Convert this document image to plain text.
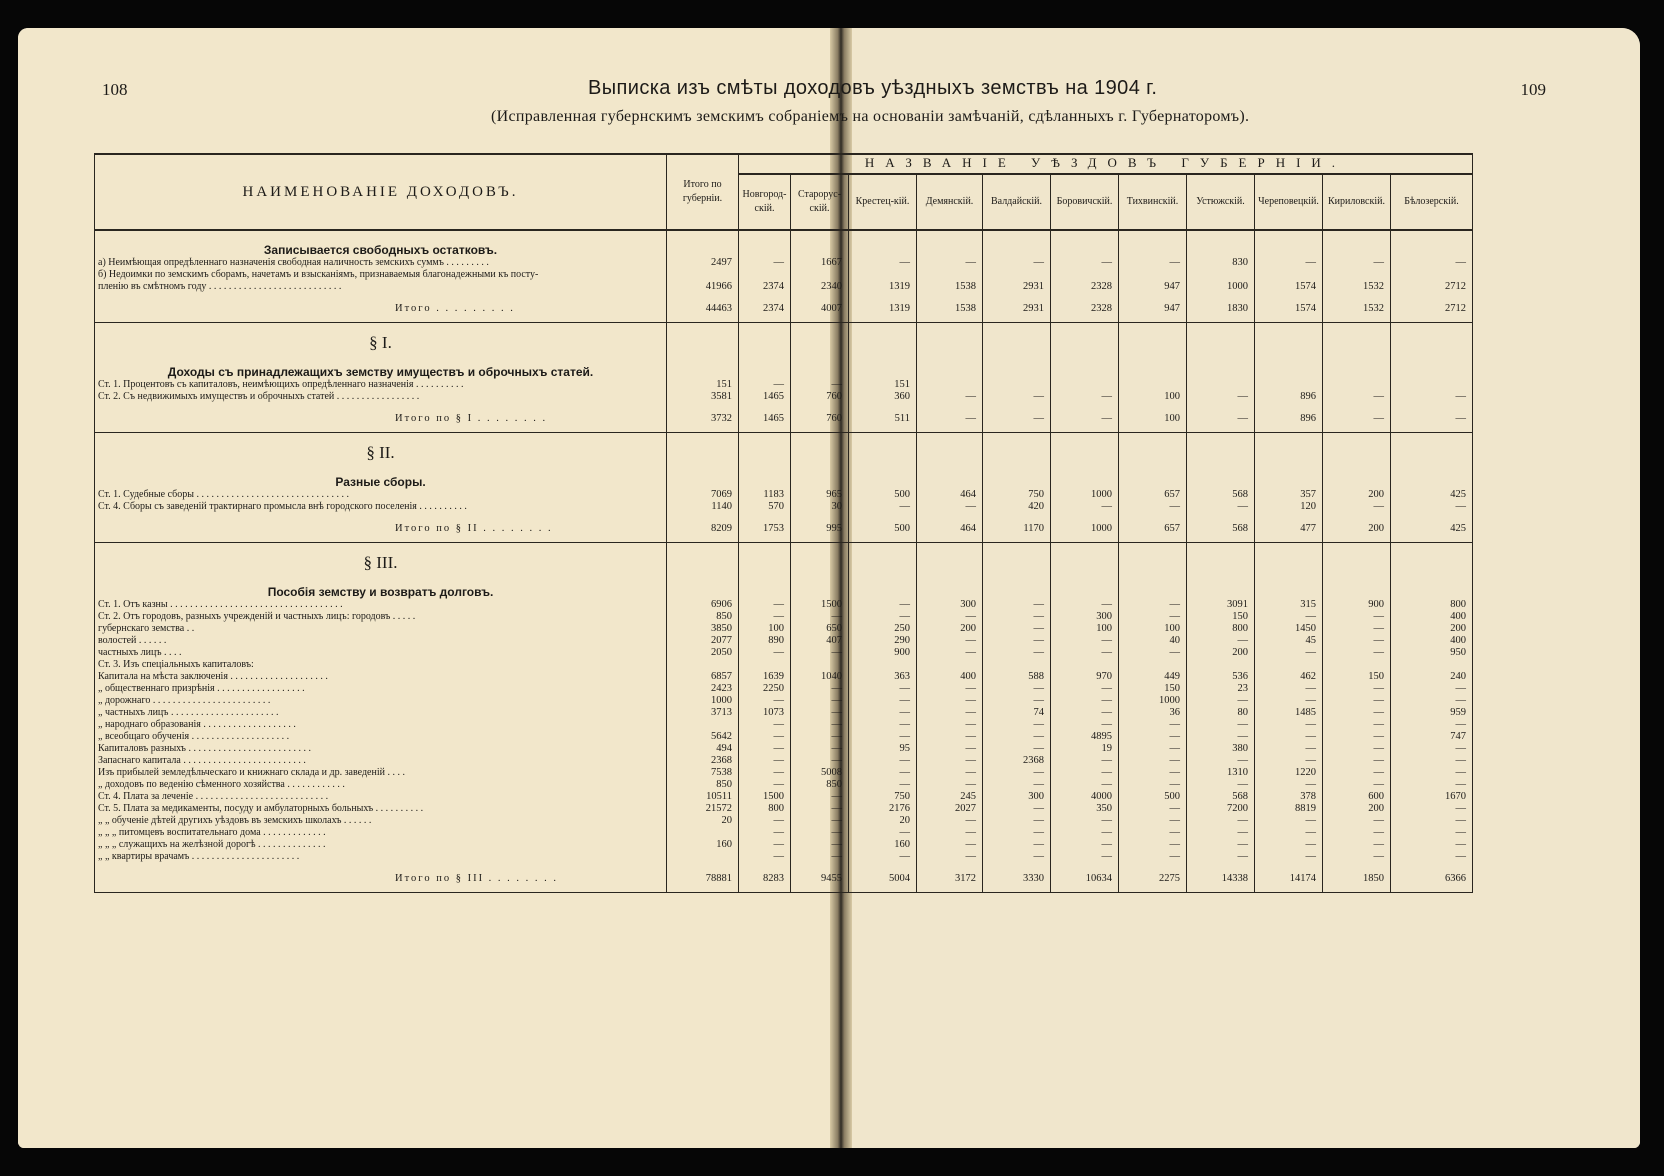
108	109
Выписка изъ смѣты доходовъ уѣздныхъ земствъ на 1904 г.
(Исправленная губернскимъ земскимъ собраніемъ на основаніи замѣчаній, сдѣланныхъ г. Губернаторомъ).
НАИМЕНОВАНІЕ ДОХОДОВЪ.	Итого по губерніи.	НАЗВАНІЕ УѢЗДОВЪ ГУБЕРНІИ.										
		Новгород-скій.	Старорус-скій.	Крестец-кій.	Демянскій.	Валдайскій.	Боровичскій.	Тихвинскій.	Устюжскій.	Череповецкій.	Кириловскій.	Бѣлозерскій.
Записывается свободныхъ остатковъ.												
а) Неимѣющая опредѣленнаго назначенія свободная наличность земскихъ суммъ . . . . . . . . .	2497	—	1667	—	—	—	—	—	830	—	—	—
б) Недоимки по земскимъ сборамъ, начетамъ и взысканіямъ, признаваемыя благонадежными къ посту-												
пленію въ смѣтномъ году . . . . . . . . . . . . . . . . . . . . . . . . . . .	41966	2374	2340	1319	1538	2931	2328	947	1000	1574	1532	2712
Итого . . . . . . . . .	44463	2374	4007	1319	1538	2931	2328	947	1830	1574	1532	2712
§ I.												
Доходы съ принадлежащихъ земству имуществъ и оброчныхъ статей.												
Ст. 1. Процентовъ съ капиталовъ, неимѣющихъ опредѣленнаго назначенія . . . . . . . . . .	151	—	—	151								
Ст. 2. Съ недвижимыхъ имуществъ и оброчныхъ статей . . . . . . . . . . . . . . . . .	3581	1465	760	360	—	—	—	100	—	896	—	—
Итого по § I . . . . . . . .	3732	1465	760	511	—	—	—	100	—	896	—	—
§ II.												
Разные сборы.												
Ст. 1. Судебные сборы . . . . . . . . . . . . . . . . . . . . . . . . . . . . . . .	7069	1183	965	500	464	750	1000	657	568	357	200	425
Ст. 4. Сборы съ заведеній трактирнаго промысла внѣ городского поселенія . . . . . . . . . .	1140	570	30	—	—	420	—	—	—	120	—	—
Итого по § II . . . . . . . .	8209	1753	995	500	464	1170	1000	657	568	477	200	425
§ III.												
Пособія земству и возвратъ долговъ.												
Ст. 1. Отъ казны . . . . . . . . . . . . . . . . . . . . . . . . . . . . . . . . . . .	6906	—	1500	—	300	—	—	—	3091	315	900	800
Ст. 2. Отъ городовъ, разныхъ учрежденій и частныхъ лицъ: городовъ . . . . .	850	—	—	—	—	—	300	—	150	—	—	400
губернскаго земства . .	3850	100	650	250	200	—	100	100	800	1450	—	200
волостей . . . . . .	2077	890	407	290	—	—	—	40	—	45	—	400
частныхъ лицъ . . . .	2050	—	—	900	—	—	—	—	200	—	—	950
Ст. 3. Изъ спеціальныхъ капиталовъ:												
Капитала на мѣста заключенія . . . . . . . . . . . . . . . . . . . .	6857	1639	1040	363	400	588	970	449	536	462	150	240
„ общественнаго призрѣнія . . . . . . . . . . . . . . . . . .	2423	2250	—	—	—	—	—	150	23	—	—	—
„ дорожнаго . . . . . . . . . . . . . . . . . . . . . . . .	1000	—	—	—	—	—	—	1000	—	—	—	—
„ частныхъ лицъ . . . . . . . . . . . . . . . . . . . . . .	3713	1073	—	—	—	74	—	36	80	1485	—	959
„ народнаго образованія . . . . . . . . . . . . . . . . . . .		—	—	—	—	—	—	—	—	—	—	—
„ всеобщаго обученія . . . . . . . . . . . . . . . . . . . .	5642	—	—	—	—	—	4895	—	—	—	—	747
Капиталовъ разныхъ . . . . . . . . . . . . . . . . . . . . . . . . .	494	—	—	95	—	—	19	—	380	—	—	—
Запаснаго капитала . . . . . . . . . . . . . . . . . . . . . . . . .	2368	—	—	—	—	2368	—	—	—	—	—	—
Изъ прибылей земледѣльческаго и книжнаго склада и др. заведеній . . . .	7538	—	5008	—	—	—	—	—	1310	1220	—	—
„ доходовъ по веденію сѣменного хозяйства . . . . . . . . . . . .	850	—	850	—	—	—	—	—	—	—	—	—
Ст. 4. Плата за леченіе . . . . . . . . . . . . . . . . . . . . . . . . . . .	10511	1500	—	750	245	300	4000	500	568	378	600	1670
Ст. 5. Плата за медикаменты, посуду и амбулаторныхъ больныхъ . . . . . . . . . .	21572	800	—	2176	2027	—	350	—	7200	8819	200	—
„ „ обученіе дѣтей другихъ уѣздовъ въ земскихъ школахъ . . . . . .	20	—	—	20	—	—	—	—	—	—	—	—
„ „ „ питомцевъ воспитательнаго дома . . . . . . . . . . . . .		—	—	—	—	—	—	—	—	—	—	—
„ „ „ служащихъ на желѣзной дорогѣ . . . . . . . . . . . . . .	160	—	—	160	—	—	—	—	—	—	—	—
„ „ квартиры врачамъ . . . . . . . . . . . . . . . . . . . . . .		—	—	—	—	—	—	—	—	—	—	—
Итого по § III . . . . . . . .	78881	8283	9455	5004	3172	3330	10634	2275	14338	14174	1850	6366
